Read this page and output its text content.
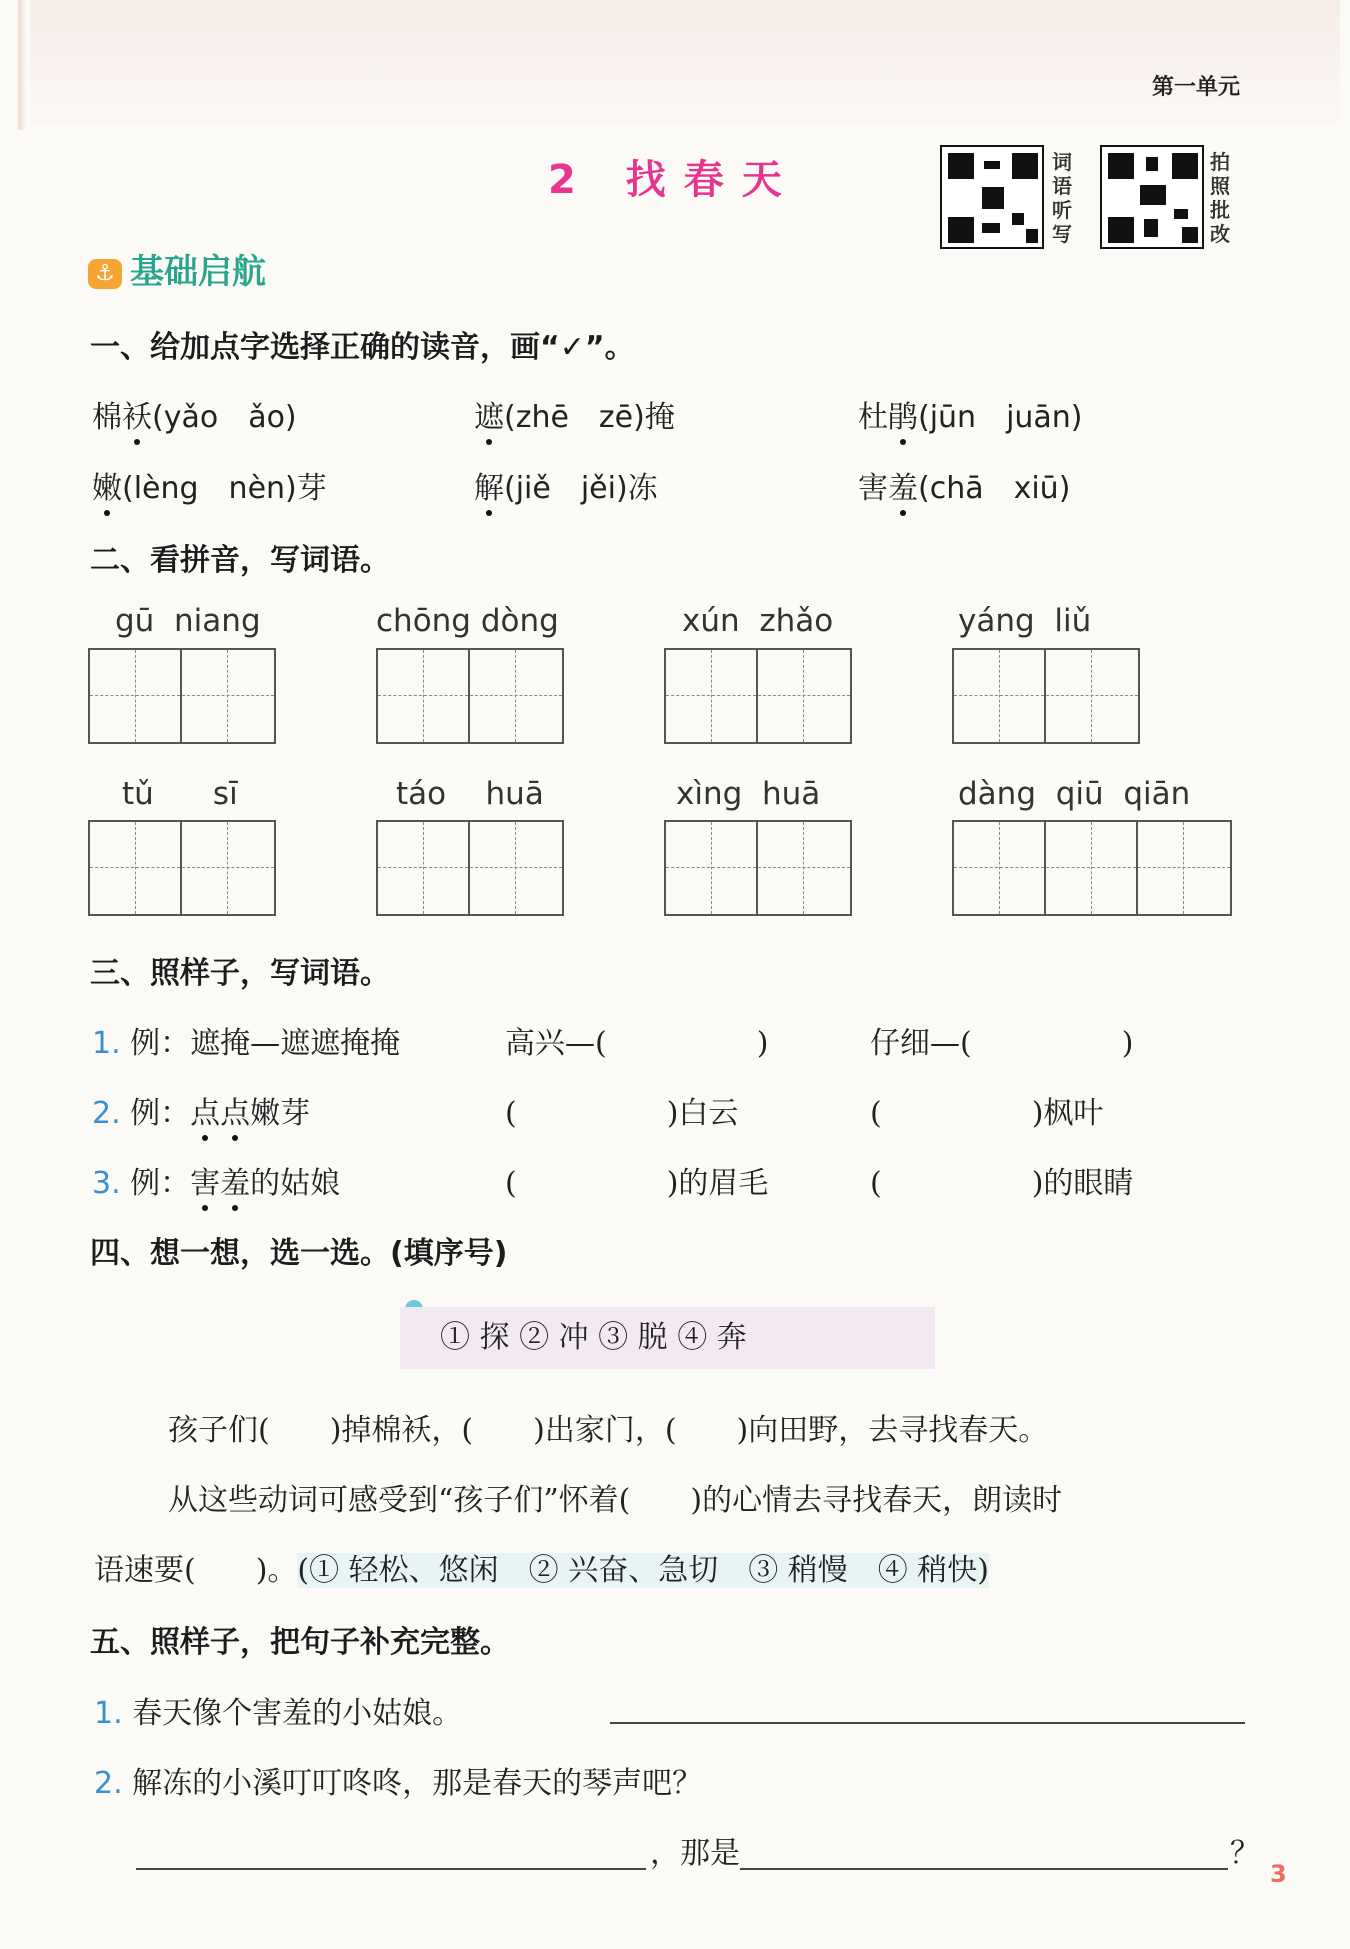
第一单元
2 找春天	词语听写
拍照批改
⚓ 基础启航
一、给加点字选择正确的读音，画“✓”。
棉袄(yǎo　ǎo)	遮(zhē　zē)掩	杜鹃(jūn　juān)
嫩(lèng　nèn)芽	解(jiě　jěi)冻	害羞(chā　xiū)
二、看拼音，写词语。
gū  niang	chōng dòng	xún  zhǎo	yáng  liǔ
tǔ      sī	táo    huā	xìng  huā	dàng  qiū  qiān
三、照样子，写词语。
1. 例：遮掩—遮遮掩掩	高兴—(　　　　　)	仔细—(　　　　　)
2. 例：点点嫩芽	(　　　　　)白云	(　　　　　)枫叶
3. 例：害羞的姑娘	(　　　　　)的眉毛	(　　　　　)的眼睛
四、想一想，选一选。(填序号)
① 探 ② 冲 ③ 脱 ④ 奔
孩子们(　　)掉棉袄，(　　)出家门，(　　)向田野，去寻找春天。
从这些动词可感受到“孩子们”怀着(　　)的心情去寻找春天，朗读时
语速要(　　)。(① 轻松、悠闲　② 兴奋、急切　③ 稍慢　④ 稍快)
五、照样子，把句子补充完整。
1. 春天像个害羞的小姑娘。
2. 解冻的小溪叮叮咚咚，那是春天的琴声吧？
，那是	？
3
